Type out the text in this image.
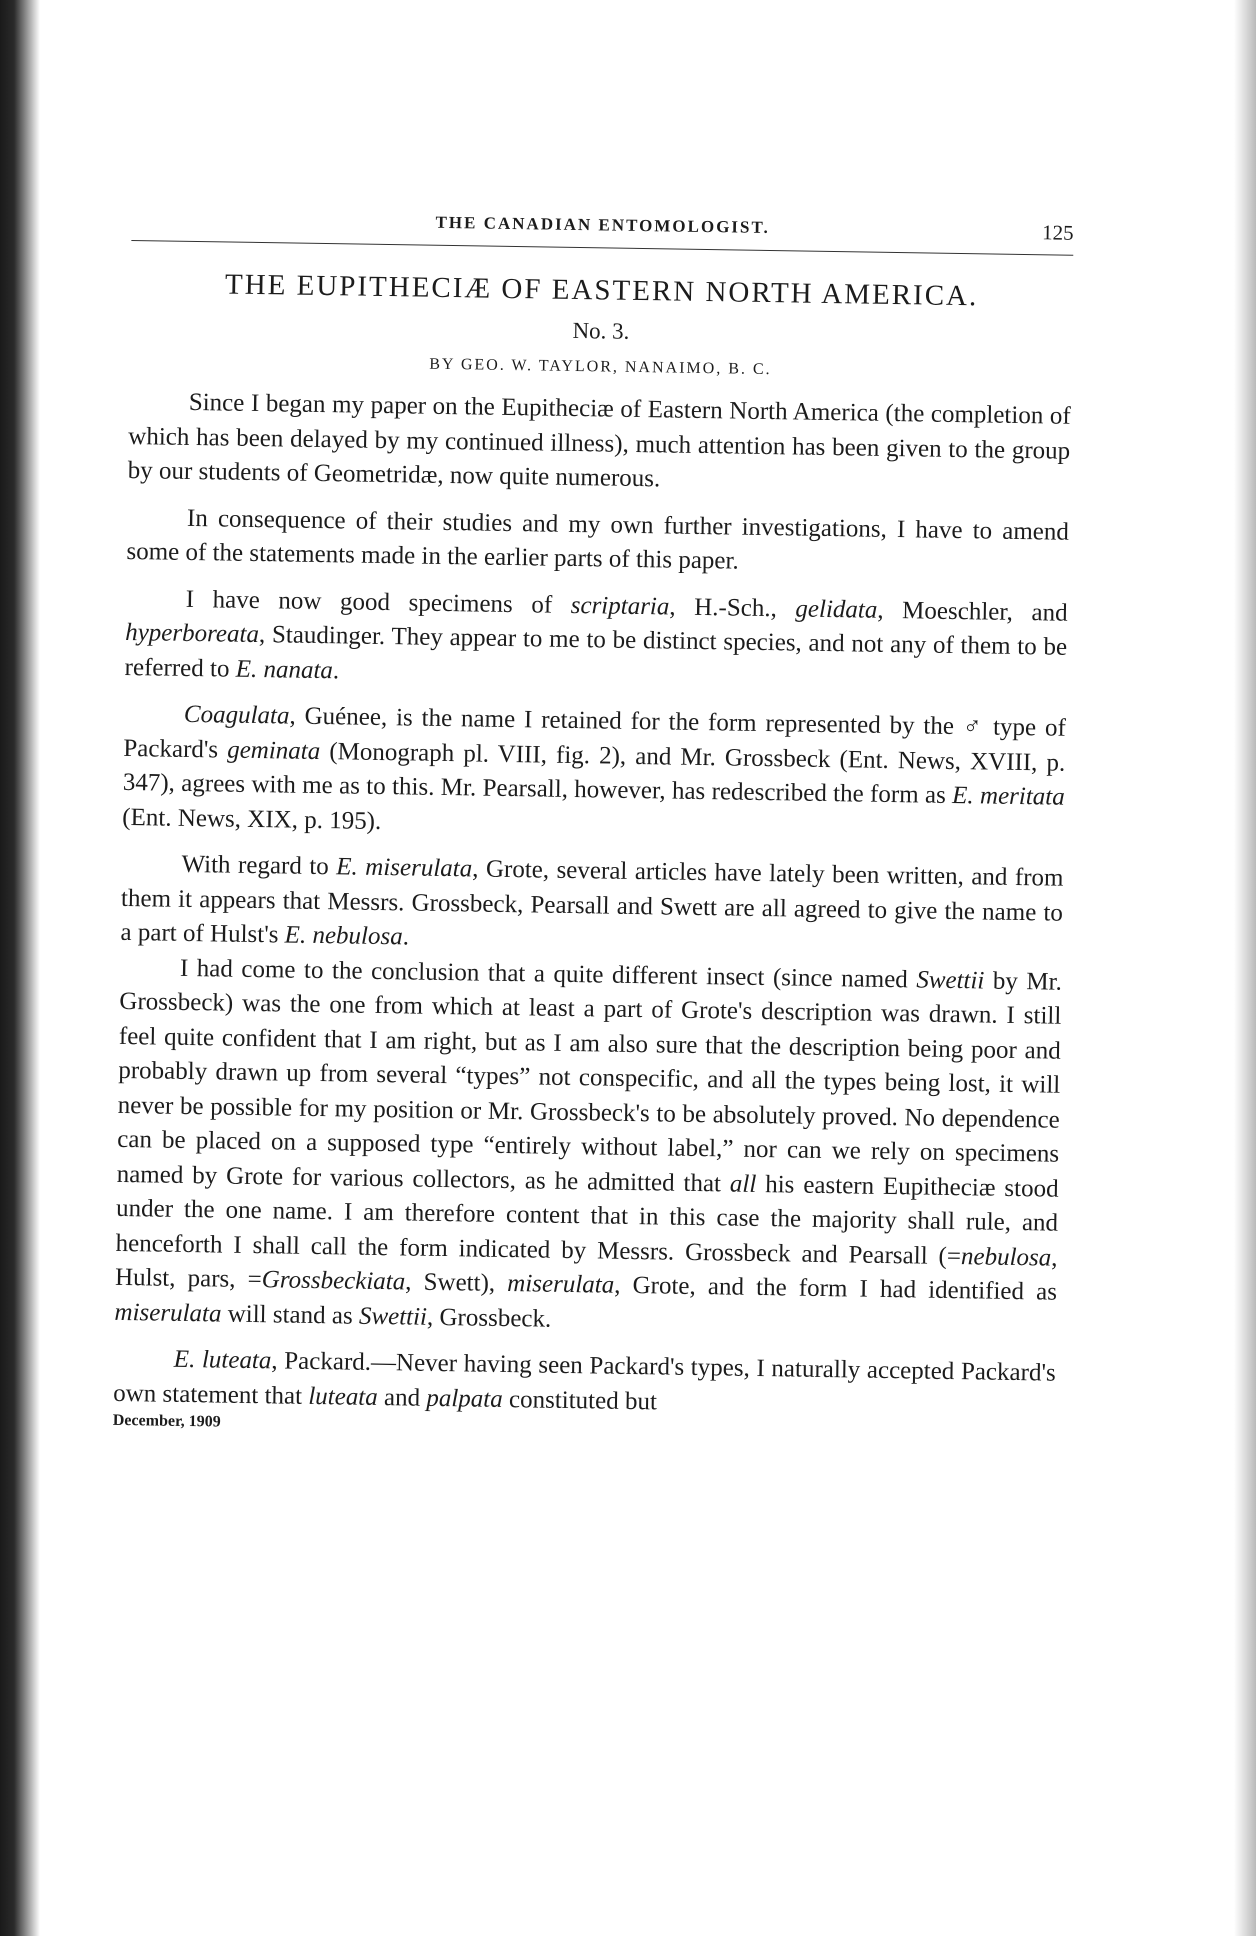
THE CANADIAN ENTOMOLOGIST.	125
THE EUPITHECIÆ OF EASTERN NORTH AMERICA.
No. 3.
BY GEO. W. TAYLOR, NANAIMO, B. C.

Since I began my paper on the Eupitheciæ of Eastern North America (the completion of which has been delayed by my continued illness), much attention has been given to the group by our students of Geometridæ, now quite numerous.

In consequence of their studies and my own further investigations, I have to amend some of the statements made in the earlier parts of this paper.

I have now good specimens of scriptaria, H.-Sch., gelidata, Moeschler, and hyperboreata, Staudinger. They appear to me to be distinct species, and not any of them to be referred to E. nanata.

Coagulata, Guénee, is the name I retained for the form represented by the ♂ type of Packard's geminata (Monograph pl. VIII, fig. 2), and Mr. Grossbeck (Ent. News, XVIII, p. 347), agrees with me as to this. Mr. Pearsall, however, has redescribed the form as E. meritata (Ent. News, XIX, p. 195).

With regard to E. miserulata, Grote, several articles have lately been written, and from them it appears that Messrs. Grossbeck, Pearsall and Swett are all agreed to give the name to a part of Hulst's E. nebulosa.

I had come to the conclusion that a quite different insect (since named Swettii by Mr. Grossbeck) was the one from which at least a part of Grote's description was drawn. I still feel quite confident that I am right, but as I am also sure that the description being poor and probably drawn up from several “types” not conspecific, and all the types being lost, it will never be possible for my position or Mr. Grossbeck's to be absolutely proved. No dependence can be placed on a supposed type “entirely without label,” nor can we rely on specimens named by Grote for various collectors, as he admitted that all his eastern Eupitheciæ stood under the one name. I am therefore content that in this case the majority shall rule, and henceforth I shall call the form indicated by Messrs. Grossbeck and Pearsall (=nebulosa, Hulst, pars, =Grossbeckiata, Swett), miserulata, Grote, and the form I had identified as miserulata will stand as Swettii, Grossbeck.

E. luteata, Packard.—Never having seen Packard's types, I naturally accepted Packard's own statement that luteata and palpata constituted but

December, 1909
